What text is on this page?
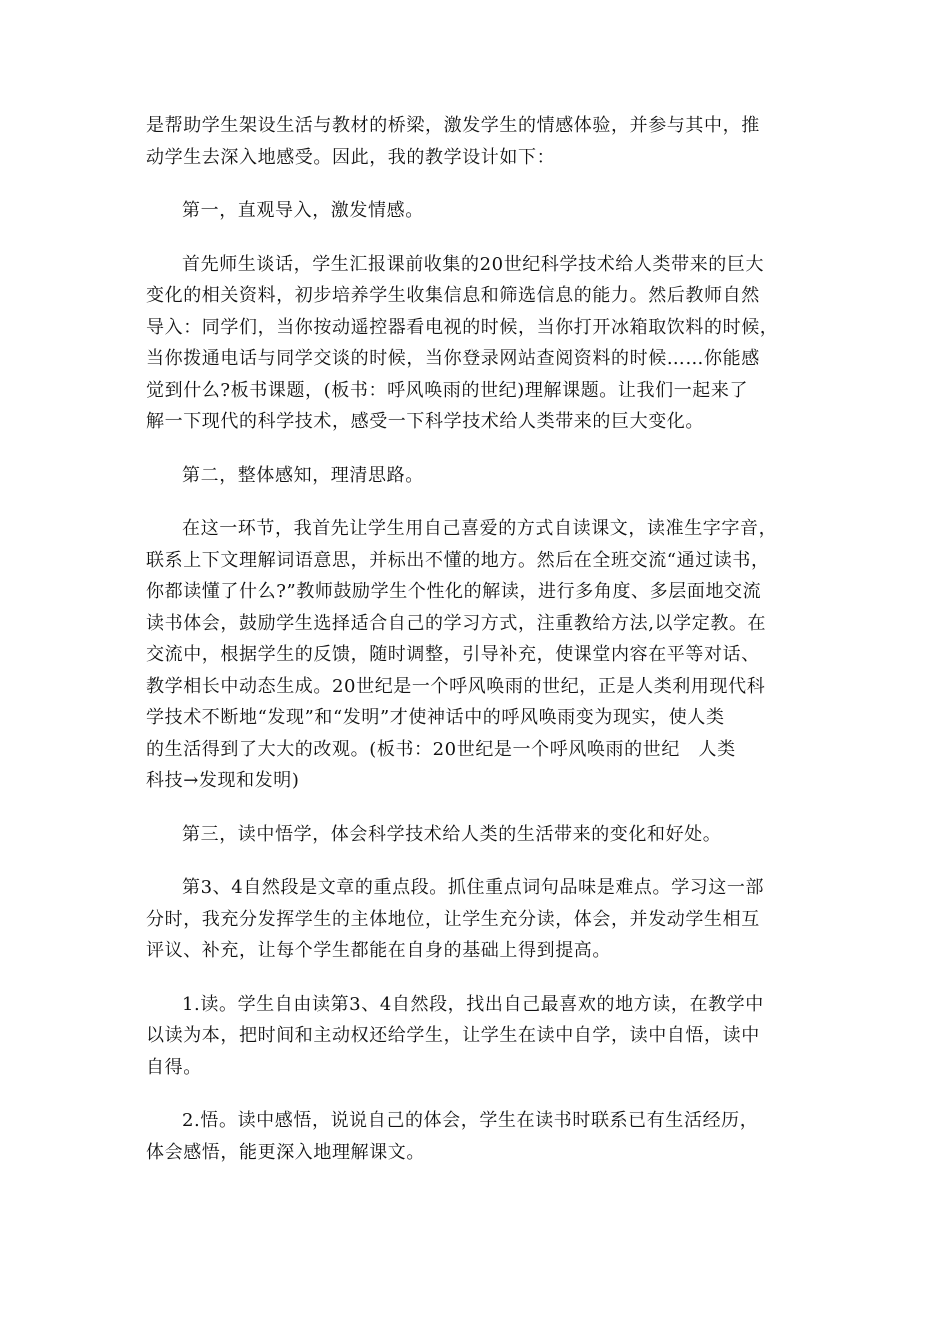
是帮助学生架设生活与教材的桥梁，激发学生的情感体验，并参与其中，推
动学生去深入地感受。因此，我的教学设计如下：

第一，直观导入，激发情感。

首先师生谈话，学生汇报课前收集的20世纪科学技术给人类带来的巨大
变化的相关资料，初步培养学生收集信息和筛选信息的能力。然后教师自然
导入：同学们，当你按动遥控器看电视的时候，当你打开冰箱取饮料的时候，
当你拨通电话与同学交谈的时候，当你登录网站查阅资料的时候……你能感
觉到什么?板书课题，(板书：呼风唤雨的世纪)理解课题。让我们一起来了
解一下现代的科学技术，感受一下科学技术给人类带来的巨大变化。

第二，整体感知，理清思路。

在这一环节，我首先让学生用自己喜爱的方式自读课文，读准生字字音，
联系上下文理解词语意思，并标出不懂的地方。然后在全班交流“通过读书，
你都读懂了什么?”教师鼓励学生个性化的解读，进行多角度、多层面地交流
读书体会，鼓励学生选择适合自己的学习方式，注重教给方法,以学定教。在
交流中，根据学生的反馈，随时调整，引导补充，使课堂内容在平等对话、
教学相长中动态生成。20世纪是一个呼风唤雨的世纪，正是人类利用现代科
学技术不断地“发现”和“发明”才使神话中的呼风唤雨变为现实，使人类
的生活得到了大大的改观。(板书：20世纪是一个呼风唤雨的世纪　人类
科技→发现和发明)

第三，读中悟学，体会科学技术给人类的生活带来的变化和好处。

第3、4自然段是文章的重点段。抓住重点词句品味是难点。学习这一部
分时，我充分发挥学生的主体地位，让学生充分读，体会，并发动学生相互
评议、补充，让每个学生都能在自身的基础上得到提高。

1.读。学生自由读第3、4自然段，找出自己最喜欢的地方读，在教学中
以读为本，把时间和主动权还给学生，让学生在读中自学，读中自悟，读中
自得。

2.悟。读中感悟，说说自己的体会，学生在读书时联系已有生活经历，
体会感悟，能更深入地理解课文。
